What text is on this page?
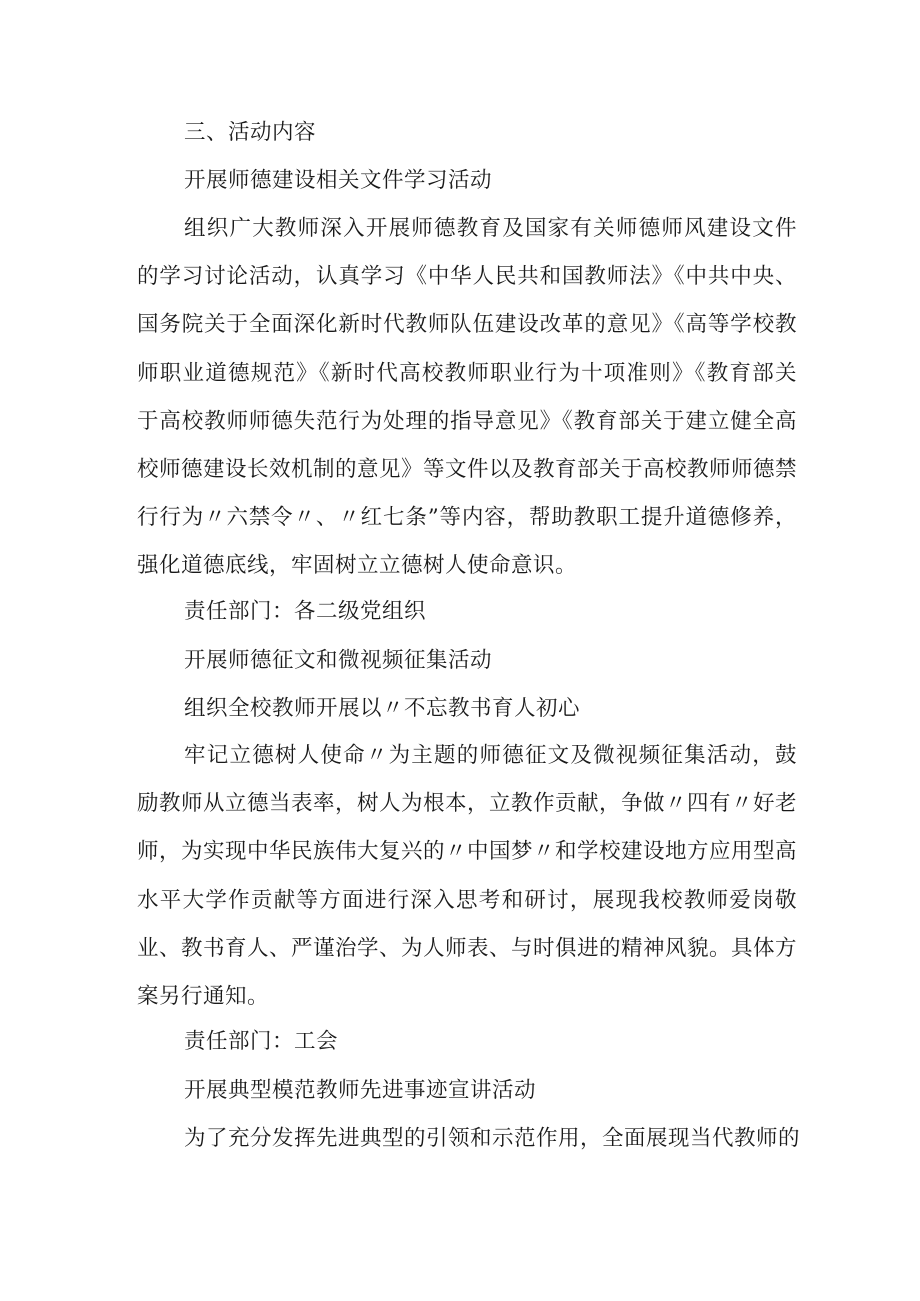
三、活动内容
开展师德建设相关文件学习活动
组织广大教师深入开展师德教育及国家有关师德师风建设文件的学习讨论活动，认真学习《中华人民共和国教师法》《中共中央、国务院关于全面深化新时代教师队伍建设改革的意见》《高等学校教师职业道德规范》《新时代高校教师职业行为十项准则》《教育部关于高校教师师德失范行为处理的指导意见》《教育部关于建立健全高校师德建设长效机制的意见》等文件以及教育部关于高校教师师德禁行行为〃六禁令〃、〃红七条”等内容，帮助教职工提升道德修养，强化道德底线，牢固树立立德树人使命意识。
责任部门：各二级党组织
开展师德征文和微视频征集活动
组织全校教师开展以〃不忘教书育人初心
牢记立德树人使命〃为主题的师德征文及微视频征集活动，鼓励教师从立德当表率，树人为根本，立教作贡献，争做〃四有〃好老师，为实现中华民族伟大复兴的〃中国梦〃和学校建设地方应用型高水平大学作贡献等方面进行深入思考和研讨，展现我校教师爱岗敬业、教书育人、严谨治学、为人师表、与时俱进的精神风貌。具体方案另行通知。
责任部门：工会
开展典型模范教师先进事迹宣讲活动
为了充分发挥先进典型的引领和示范作用，全面展现当代教师的
